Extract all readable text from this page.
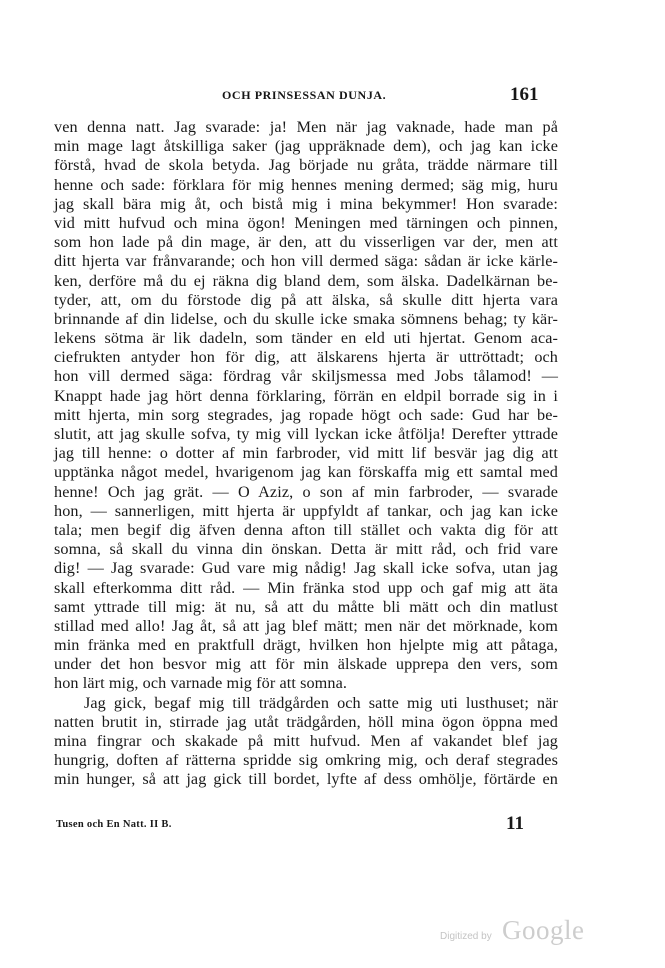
OCH PRINSESSAN DUNJA.	161
ven denna natt. Jag svarade: ja! Men när jag vaknade, hade man på
min mage lagt åtskilliga saker (jag uppräknade dem), och jag kan icke
förstå, hvad de skola betyda. Jag började nu gråta, trädde närmare till
henne och sade: förklara för mig hennes mening dermed; säg mig, huru
jag skall bära mig åt, och bistå mig i mina bekymmer! Hon svarade:
vid mitt hufvud och mina ögon! Meningen med tärningen och pinnen,
som hon lade på din mage, är den, att du visserligen var der, men att
ditt hjerta var frånvarande; och hon vill dermed säga: sådan är icke kärle-
ken, derföre må du ej räkna dig bland dem, som älska. Dadelkärnan be-
tyder, att, om du förstode dig på att älska, så skulle ditt hjerta vara
brinnande af din lidelse, och du skulle icke smaka sömnens behag; ty kär-
lekens sötma är lik dadeln, som tänder en eld uti hjertat. Genom aca-
ciefrukten antyder hon för dig, att älskarens hjerta är uttröttadt; och
hon vill dermed säga: fördrag vår skiljsmessa med Jobs tålamod! —
Knappt hade jag hört denna förklaring, förrän en eldpil borrade sig in i
mitt hjerta, min sorg stegrades, jag ropade högt och sade: Gud har be-
slutit, att jag skulle sofva, ty mig vill lyckan icke åtfölja! Derefter yttrade
jag till henne: o dotter af min farbroder, vid mitt lif besvär jag dig att
upptänka något medel, hvarigenom jag kan förskaffa mig ett samtal med
henne! Och jag grät. — O Aziz, o son af min farbroder, — svarade
hon, — sannerligen, mitt hjerta är uppfyldt af tankar, och jag kan icke
tala; men begif dig äfven denna afton till stället och vakta dig för att
somna, så skall du vinna din önskan. Detta är mitt råd, och frid vare
dig! — Jag svarade: Gud vare mig nådig! Jag skall icke sofva, utan jag
skall efterkomma ditt råd. — Min fränka stod upp och gaf mig att äta
samt yttrade till mig: ät nu, så att du måtte bli mätt och din matlust
stillad med allo! Jag åt, så att jag blef mätt; men när det mörknade, kom
min fränka med en praktfull drägt, hvilken hon hjelpte mig att påtaga,
under det hon besvor mig att för min älskade upprepa den vers, som
hon lärt mig, och varnade mig för att somna.
Jag gick, begaf mig till trädgården och satte mig uti lusthuset; när
natten brutit in, stirrade jag utåt trädgården, höll mina ögon öppna med
mina fingrar och skakade på mitt hufvud. Men af vakandet blef jag
hungrig, doften af rätterna spridde sig omkring mig, och deraf stegrades
min hunger, så att jag gick till bordet, lyfte af dess omhölje, förtärde en
Tusen och En Natt. II B.	11
Digitized by Google
